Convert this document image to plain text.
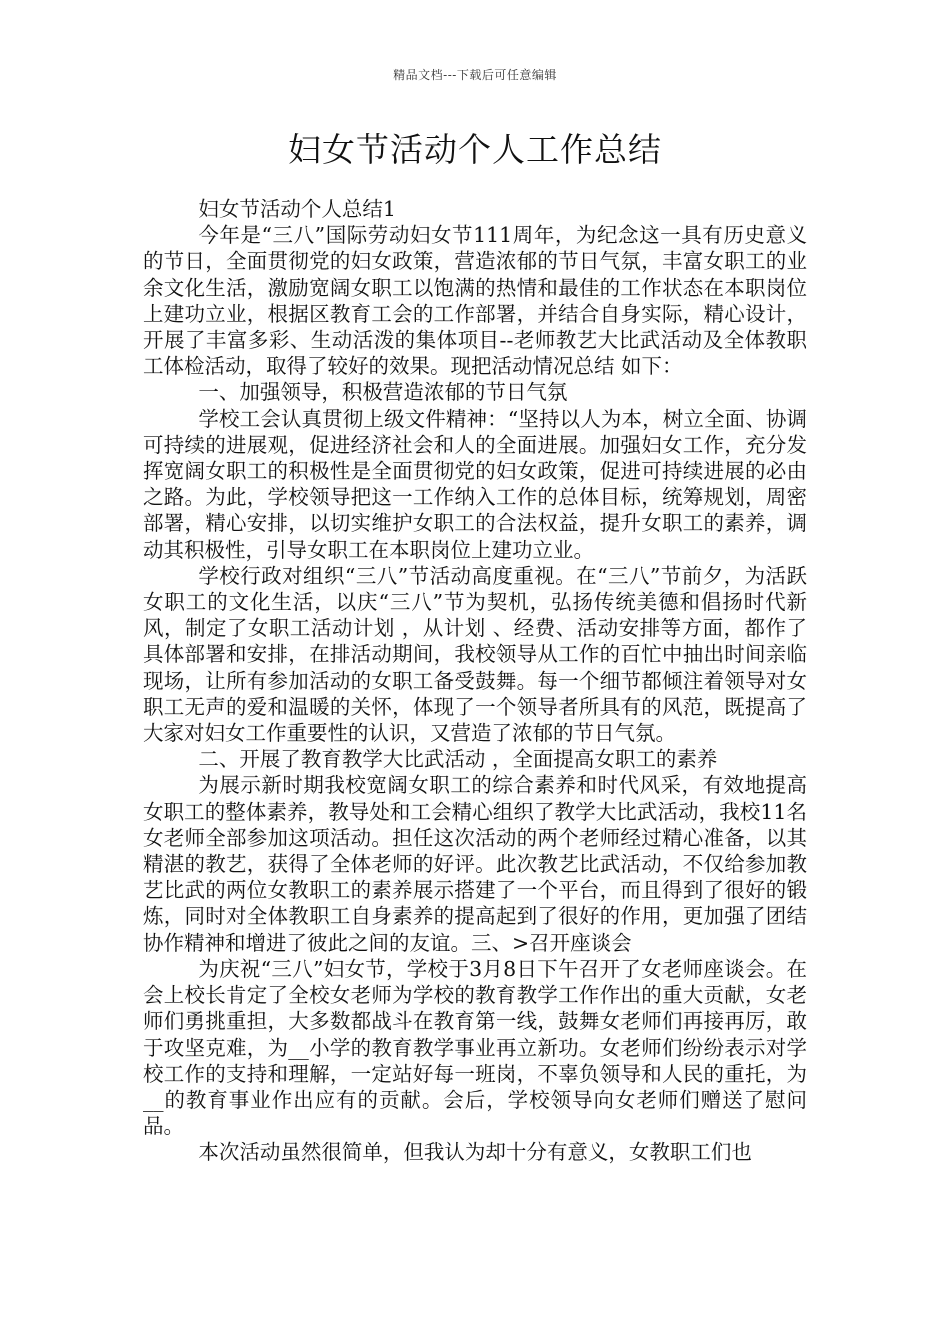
精品文档---下载后可任意编辑
妇女节活动个人工作总结

妇女节活动个人总结1

今年是“三八”国际劳动妇女节111周年，为纪念这一具有历史意义的节日，全面贯彻党的妇女政策，营造浓郁的节日气氛，丰富女职工的业余文化生活，激励宽阔女职工以饱满的热情和最佳的工作状态在本职岗位上建功立业，根据区教育工会的工作部署，并结合自身实际，精心设计，开展了丰富多彩、生动活泼的集体项目--老师教艺大比武活动及全体教职工体检活动，取得了较好的效果。现把活动情况总结 如下：

一、加强领导，积极营造浓郁的节日气氛

学校工会认真贯彻上级文件精神：“坚持以人为本，树立全面、协调可持续的进展观，促进经济社会和人的全面进展。加强妇女工作，充分发挥宽阔女职工的积极性是全面贯彻党的妇女政策，促进可持续进展的必由之路。为此，学校领导把这一工作纳入工作的总体目标，统筹规划，周密部署，精心安排，以切实维护女职工的合法权益，提升女职工的素养，调动其积极性，引导女职工在本职岗位上建功立业。

学校行政对组织“三八”节活动高度重视。在“三八”节前夕，为活跃女职工的文化生活，以庆“三八”节为契机，弘扬传统美德和倡扬时代新风，制定了女职工活动计划 ，从计划 、经费、活动安排等方面，都作了具体部署和安排，在排活动期间，我校领导从工作的百忙中抽出时间亲临现场，让所有参加活动的女职工备受鼓舞。每一个细节都倾注着领导对女职工无声的爱和温暖的关怀，体现了一个领导者所具有的风范，既提高了大家对妇女工作重要性的认识，又营造了浓郁的节日气氛。

二、开展了教育教学大比武活动 ，全面提高女职工的素养

为展示新时期我校宽阔女职工的综合素养和时代风采，有效地提高女职工的整体素养，教导处和工会精心组织了教学大比武活动，我校11名女老师全部参加这项活动。担任这次活动的两个老师经过精心准备，以其精湛的教艺，获得了全体老师的好评。此次教艺比武活动，不仅给参加教艺比武的两位女教职工的素养展示搭建了一个平台，而且得到了很好的锻炼，同时对全体教职工自身素养的提高起到了很好的作用，更加强了团结协作精神和增进了彼此之间的友谊。三、>召开座谈会

为庆祝“三八”妇女节，学校于3月8日下午召开了女老师座谈会。在会上校长肯定了全校女老师为学校的教育教学工作作出的重大贡献，女老师们勇挑重担，大多数都战斗在教育第一线，鼓舞女老师们再接再厉，敢于攻坚克难，为__小学的教育教学事业再立新功。女老师们纷纷表示对学校工作的支持和理解，一定站好每一班岗，不辜负领导和人民的重托，为__的教育事业作出应有的贡献。会后，学校领导向女老师们赠送了慰问品。

本次活动虽然很简单，但我认为却十分有意义，女教职工们也
